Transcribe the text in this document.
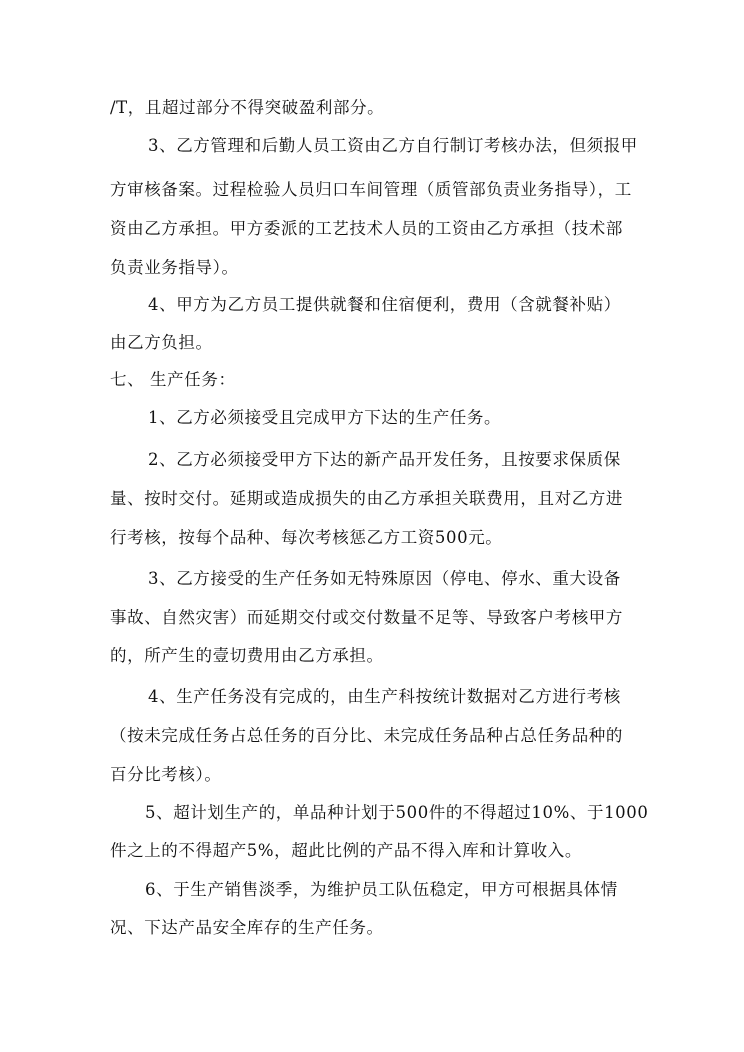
/T，且超过部分不得突破盈利部分。
3、乙方管理和后勤人员工资由乙方自行制订考核办法，但须报甲
方审核备案。过程检验人员归口车间管理（质管部负责业务指导），工
资由乙方承担。甲方委派的工艺技术人员的工资由乙方承担（技术部
负责业务指导）。
4、甲方为乙方员工提供就餐和住宿便利，费用（含就餐补贴）
由乙方负担。
七、 生产任务：
1、乙方必须接受且完成甲方下达的生产任务。
2、乙方必须接受甲方下达的新产品开发任务，且按要求保质保
量、按时交付。延期或造成损失的由乙方承担关联费用，且对乙方进
行考核，按每个品种、每次考核惩乙方工资500元。
3、乙方接受的生产任务如无特殊原因（停电、停水、重大设备
事故、自然灾害）而延期交付或交付数量不足等、导致客户考核甲方
的，所产生的壹切费用由乙方承担。
4、生产任务没有完成的，由生产科按统计数据对乙方进行考核
（按未完成任务占总任务的百分比、未完成任务品种占总任务品种的
百分比考核）。
5、超计划生产的，单品种计划于500件的不得超过10%、于1000
件之上的不得超产5%，超此比例的产品不得入库和计算收入。
6、于生产销售淡季，为维护员工队伍稳定，甲方可根据具体情
况、下达产品安全库存的生产任务。
